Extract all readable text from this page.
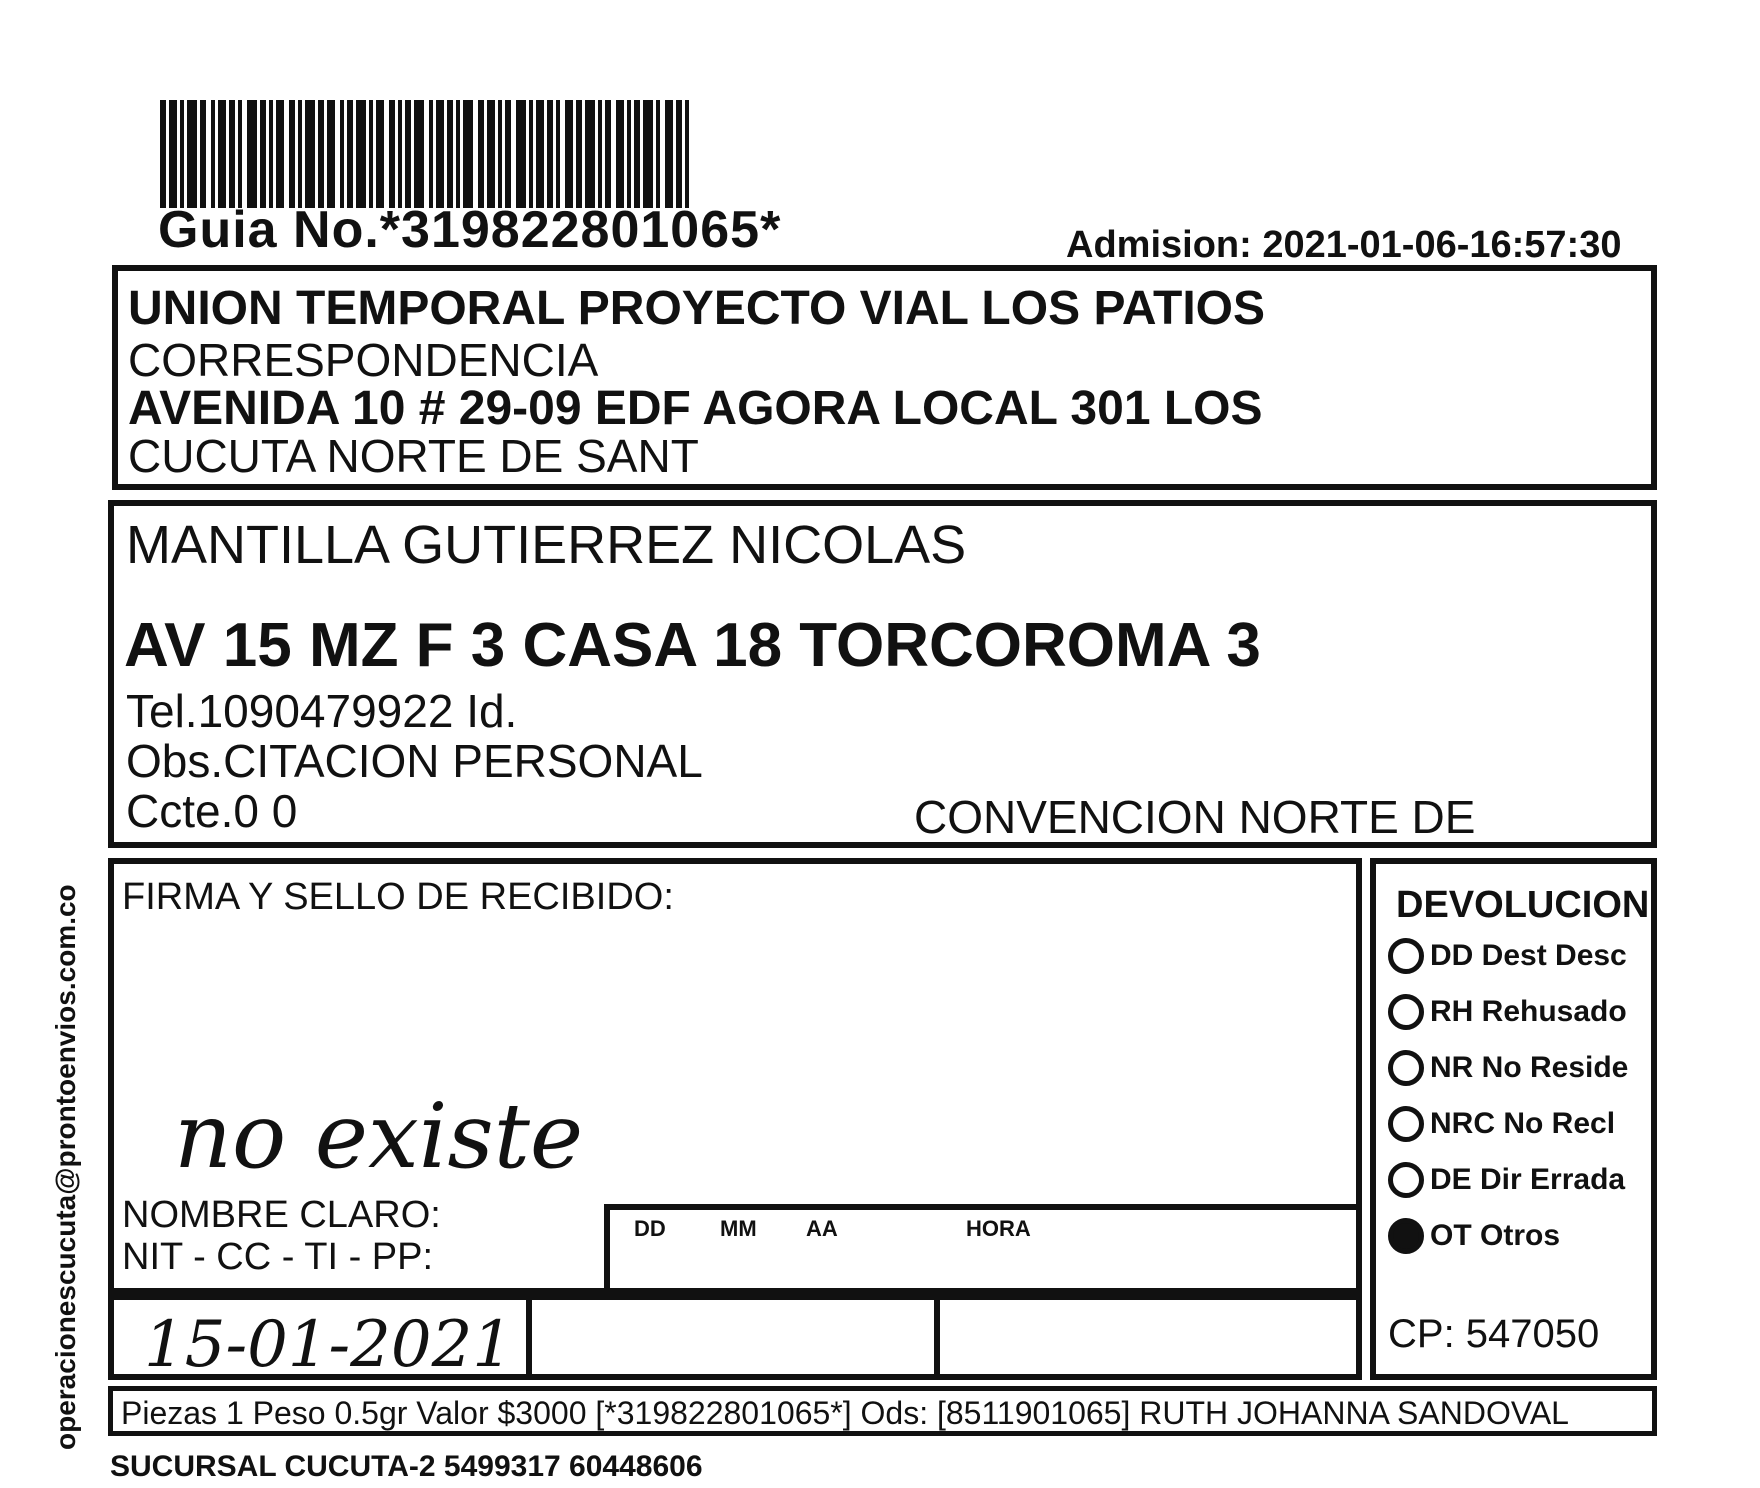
Guia No.*319822801065*	Admision: 2021-01-06-16:57:30
UNION TEMPORAL PROYECTO VIAL LOS PATIOS
CORRESPONDENCIA
AVENIDA 10 # 29-09 EDF AGORA LOCAL 301 LOS
CUCUTA NORTE DE SANT
MANTILLA GUTIERREZ NICOLAS
AV 15 MZ F 3 CASA 18 TORCOROMA 3
Tel.1090479922 Id.
Obs.CITACION PERSONAL
Ccte.0 0	CONVENCION NORTE DE
FIRMA Y SELLO DE RECIBIDO:
NOMBRE CLARO:
NIT - CC - TI - PP:
no existe
DD MM AA	HORA
15-01-2021
DEVOLUCION
DD Dest Desc
RH Rehusado
NR No Reside
NRC No Recl
DE Dir Errada
OT Otros
CP: 547050
Piezas 1 Peso 0.5gr Valor $3000 [*319822801065*] Ods: [8511901065] RUTH JOHANNA SANDOVAL
SUCURSAL CUCUTA-2 5499317 60448606
operacionescucuta@prontoenvios.com.co
